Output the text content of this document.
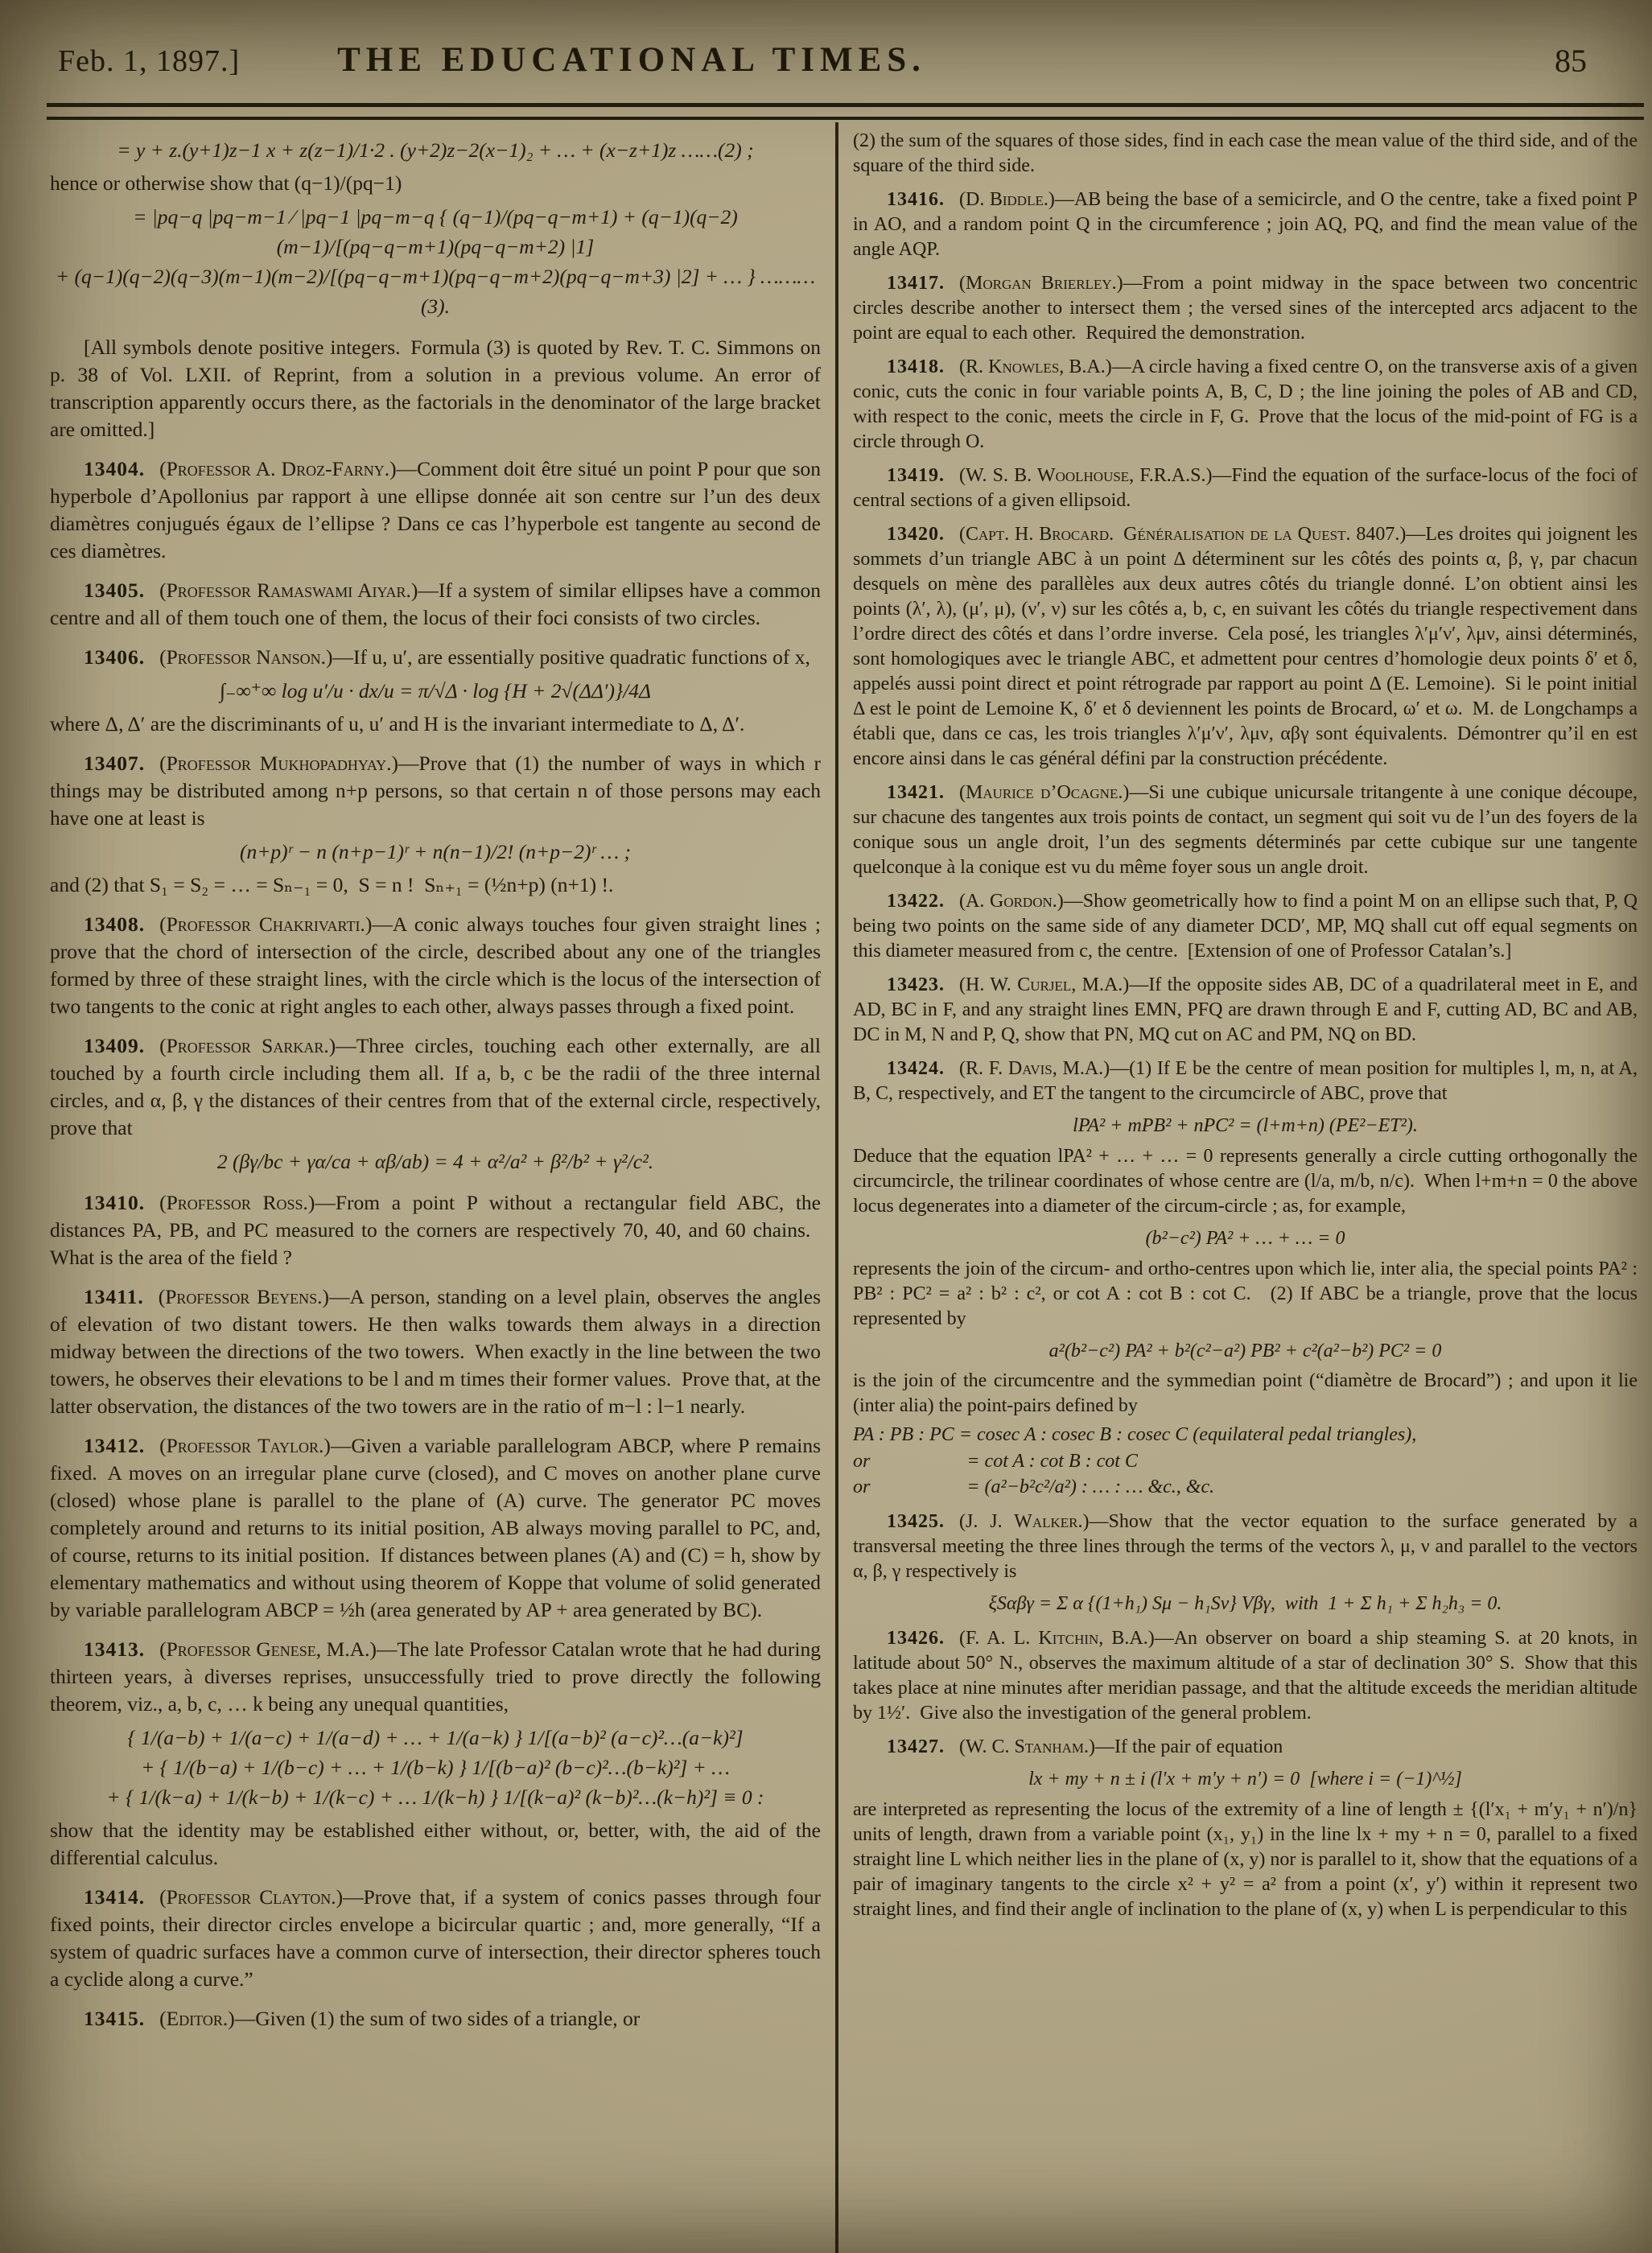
Feb. 1, 1897.]	THE EDUCATIONAL TIMES.	85
= y + z.(y+1)z−1 x + z(z−1)/1·2 . (y+2)z−2(x−1)₂ + … + (x−z+1)z ……(2) ;
hence or otherwise show that (q−1)/(pq−1)
= |pq−q |pq−m−1 ∕ |pq−1 |pq−m−q { (q−1)/(pq−q−m+1) + (q−1)(q−2)(m−1)/[(pq−q−m+1)(pq−q−m+2) |1]
+ (q−1)(q−2)(q−3)(m−1)(m−2)/[(pq−q−m+1)(pq−q−m+2)(pq−q−m+3) |2] + … } ………(3).
[All symbols denote positive integers. Formula (3) is quoted by Rev. T. C. Simmons on p. 38 of Vol. LXII. of Reprint, from a solution in a previous volume. An error of transcription apparently occurs there, as the factorials in the denominator of the large bracket are omitted.]
13404. (Professor A. Droz-Farny.)—Comment doit être situé un point P pour que son hyperbole d’Apollonius par rapport à une ellipse donnée ait son centre sur l’un des deux diamètres conjugués égaux de l’ellipse ? Dans ce cas l’hyperbole est tangente au second de ces diamètres.
13405. (Professor Ramaswami Aiyar.)—If a system of similar ellipses have a common centre and all of them touch one of them, the locus of their foci consists of two circles.
13406. (Professor Nanson.)—If u, u′, are essentially positive quadratic functions of x,
∫₋∞⁺∞ log u′/u · dx/u = π/√Δ · log {H + 2√(ΔΔ′)}/4Δ
where Δ, Δ′ are the discriminants of u, u′ and H is the invariant intermediate to Δ, Δ′.
13407. (Professor Mukhopadhyay.)—Prove that (1) the number of ways in which r things may be distributed among n+p persons, so that certain n of those persons may each have one at least is
(n+p)ʳ − n (n+p−1)ʳ + n(n−1)/2! (n+p−2)ʳ … ;
and (2) that S₁ = S₂ = … = Sₙ₋₁ = 0, S = n ! Sₙ₊₁ = (½n+p) (n+1) !.
13408. (Professor Chakrivarti.)—A conic always touches four given straight lines ; prove that the chord of intersection of the circle, described about any one of the triangles formed by three of these straight lines, with the circle which is the locus of the intersection of two tangents to the conic at right angles to each other, always passes through a fixed point.
13409. (Professor Sarkar.)—Three circles, touching each other externally, are all touched by a fourth circle including them all. If a, b, c be the radii of the three internal circles, and α, β, γ the distances of their centres from that of the external circle, respectively, prove that
2 (βγ/bc + γα/ca + αβ/ab) = 4 + α²/a² + β²/b² + γ²/c².
13410. (Professor Ross.)—From a point P without a rectangular field ABC, the distances PA, PB, and PC measured to the corners are respectively 70, 40, and 60 chains. What is the area of the field ?
13411. (Professor Beyens.)—A person, standing on a level plain, observes the angles of elevation of two distant towers. He then walks towards them always in a direction midway between the directions of the two towers. When exactly in the line between the two towers, he observes their elevations to be l and m times their former values. Prove that, at the latter observation, the distances of the two towers are in the ratio of m−l : l−1 nearly.
13412. (Professor Taylor.)—Given a variable parallelogram ABCP, where P remains fixed. A moves on an irregular plane curve (closed), and C moves on another plane curve (closed) whose plane is parallel to the plane of (A) curve. The generator PC moves completely around and returns to its initial position, AB always moving parallel to PC, and, of course, returns to its initial position. If distances between planes (A) and (C) = h, show by elementary mathematics and without using theorem of Koppe that volume of solid generated by variable parallelogram ABCP = ½h (area generated by AP + area generated by BC).
13413. (Professor Genese, M.A.)—The late Professor Catalan wrote that he had during thirteen years, à diverses reprises, unsuccessfully tried to prove directly the following theorem, viz., a, b, c, … k being any unequal quantities,
{ 1/(a−b) + 1/(a−c) + 1/(a−d) + … + 1/(a−k) } 1/[(a−b)² (a−c)²…(a−k)²]
+ { 1/(b−a) + 1/(b−c) + … + 1/(b−k) } 1/[(b−a)² (b−c)²…(b−k)²] + …
+ { 1/(k−a) + 1/(k−b) + 1/(k−c) + … 1/(k−h) } 1/[(k−a)² (k−b)²…(k−h)²] ≡ 0 :
show that the identity may be established either without, or, better, with, the aid of the differential calculus.
13414. (Professor Clayton.)—Prove that, if a system of conics passes through four fixed points, their director circles envelope a bicircular quartic ; and, more generally, “If a system of quadric surfaces have a common curve of intersection, their director spheres touch a cyclide along a curve.”
13415. (Editor.)—Given (1) the sum of two sides of a triangle, or
(2) the sum of the squares of those sides, find in each case the mean value of the third side, and of the square of the third side.
13416. (D. Biddle.)—AB being the base of a semicircle, and O the centre, take a fixed point P in AO, and a random point Q in the circumference ; join AQ, PQ, and find the mean value of the angle AQP.
13417. (Morgan Brierley.)—From a point midway in the space between two concentric circles describe another to intersect them ; the versed sines of the intercepted arcs adjacent to the point are equal to each other. Required the demonstration.
13418. (R. Knowles, B.A.)—A circle having a fixed centre O, on the transverse axis of a given conic, cuts the conic in four variable points A, B, C, D ; the line joining the poles of AB and CD, with respect to the conic, meets the circle in F, G. Prove that the locus of the mid-point of FG is a circle through O.
13419. (W. S. B. Woolhouse, F.R.A.S.)—Find the equation of the surface-locus of the foci of central sections of a given ellipsoid.
13420. (Capt. H. Brocard. Généralisation de la Quest. 8407.)—Les droites qui joignent les sommets d’un triangle ABC à un point Δ déterminent sur les côtés des points α, β, γ, par chacun desquels on mène des parallèles aux deux autres côtés du triangle donné. L’on obtient ainsi les points (λ′, λ), (μ′, μ), (ν′, ν) sur les côtés a, b, c, en suivant les côtés du triangle respectivement dans l’ordre direct des côtés et dans l’ordre inverse. Cela posé, les triangles λ′μ′ν′, λμν, ainsi déterminés, sont homologiques avec le triangle ABC, et admettent pour centres d’homologie deux points δ′ et δ, appelés aussi point direct et point rétrograde par rapport au point Δ (E. Lemoine). Si le point initial Δ est le point de Lemoine K, δ′ et δ deviennent les points de Brocard, ω′ et ω. M. de Longchamps a établi que, dans ce cas, les trois triangles λ′μ′ν′, λμν, αβγ sont équivalents. Démontrer qu’il en est encore ainsi dans le cas général défini par la construction précédente.
13421. (Maurice d’Ocagne.)—Si une cubique unicursale tritangente à une conique découpe, sur chacune des tangentes aux trois points de contact, un segment qui soit vu de l’un des foyers de la conique sous un angle droit, l’un des segments déterminés par cette cubique sur une tangente quelconque à la conique est vu du même foyer sous un angle droit.
13422. (A. Gordon.)—Show geometrically how to find a point M on an ellipse such that, P, Q being two points on the same side of any diameter DCD′, MP, MQ shall cut off equal segments on this diameter measured from c, the centre. [Extension of one of Professor Catalan’s.]
13423. (H. W. Curjel, M.A.)—If the opposite sides AB, DC of a quadrilateral meet in E, and AD, BC in F, and any straight lines EMN, PFQ are drawn through E and F, cutting AD, BC and AB, DC in M, N and P, Q, show that PN, MQ cut on AC and PM, NQ on BD.
13424. (R. F. Davis, M.A.)—(1) If E be the centre of mean position for multiples l, m, n, at A, B, C, respectively, and ET the tangent to the circumcircle of ABC, prove that
lPA² + mPB² + nPC² = (l+m+n) (PE²−ET²).
Deduce that the equation lPA² + … + … = 0 represents generally a circle cutting orthogonally the circumcircle, the trilinear coordinates of whose centre are (l/a, m/b, n/c). When l+m+n = 0 the above locus degenerates into a diameter of the circum-circle ; as, for example,
(b²−c²) PA² + … + … = 0
represents the join of the circum- and ortho-centres upon which lie, inter alia, the special points PA² : PB² : PC² = a² : b² : c², or cot A : cot B : cot C. (2) If ABC be a triangle, prove that the locus represented by
a²(b²−c²) PA² + b²(c²−a²) PB² + c²(a²−b²) PC² = 0
is the join of the circumcentre and the symmedian point (“diamètre de Brocard”) ; and upon it lie (inter alia) the point-pairs defined by
PA : PB : PC = cosec A : cosec B : cosec C (equilateral pedal triangles),
or     = cot A : cot B : cot C
or     = (a²−b²c²/a²) : … : … &c., &c.
13425. (J. J. Walker.)—Show that the vector equation to the surface generated by a transversal meeting the three lines through the terms of the vectors λ, μ, ν and parallel to the vectors α, β, γ respectively is
ξSαβγ = Σ α {(1+h₁) Sμ − h₁Sν} Vβγ, with 1 + Σ h₁ + Σ h₂h₃ = 0.
13426. (F. A. L. Kitchin, B.A.)—An observer on board a ship steaming S. at 20 knots, in latitude about 50° N., observes the maximum altitude of a star of declination 30° S. Show that this takes place at nine minutes after meridian passage, and that the altitude exceeds the meridian altitude by 1½′. Give also the investigation of the general problem.
13427. (W. C. Stanham.)—If the pair of equation
lx + my + n ± i (l′x + m′y + n′) = 0 [where i = (−1)^½]
are interpreted as representing the locus of the extremity of a line of length ± {(l′x₁ + m′y₁ + n′)/n} units of length, drawn from a variable point (x₁, y₁) in the line lx + my + n = 0, parallel to a fixed straight line L which neither lies in the plane of (x, y) nor is parallel to it, show that the equations of a pair of imaginary tangents to the circle x² + y² = a² from a point (x′, y′) within it represent two straight lines, and find their angle of inclination to the plane of (x, y) when L is perpendicular to this
